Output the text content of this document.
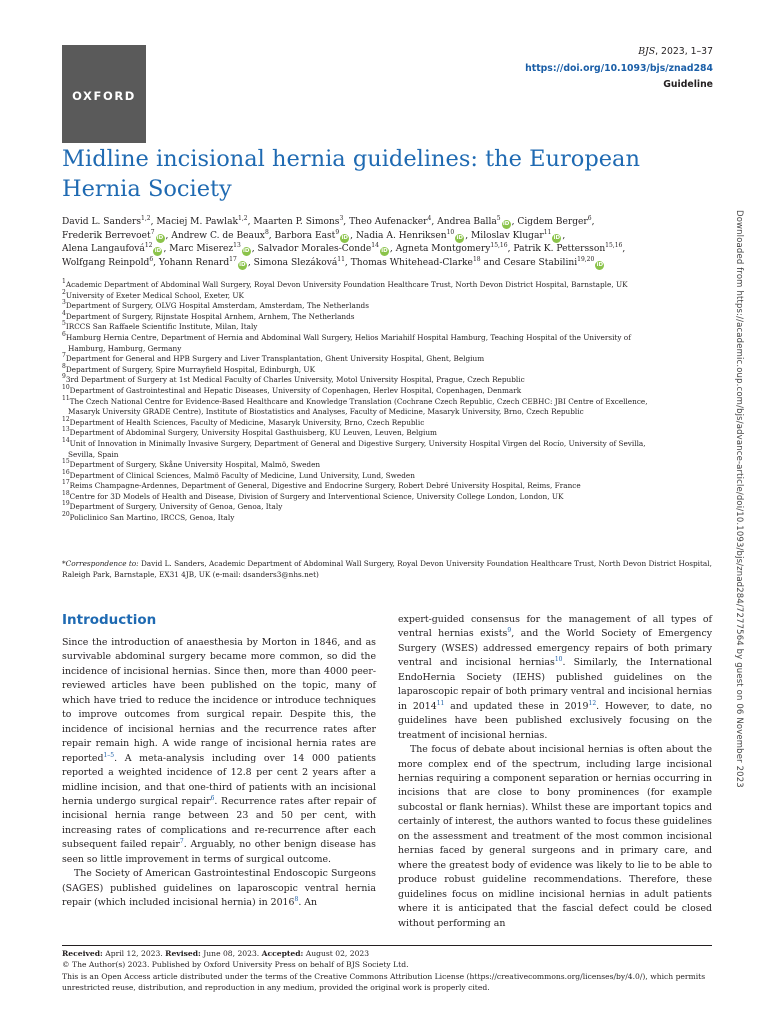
OXFORD
BJS, 2023, 1–37
https://doi.org/10.1093/bjs/znad284
Guideline
Midline incisional hernia guidelines: the European Hernia Society
David L. Sanders$^{1,2}$, Maciej M. Pawlak$^{1,2}$, Maarten P. Simons$^3$, Theo Aufenacker$^4$, Andrea Balla$^5$iD , Cigdem Berger$^6$,
Frederik Berrevoet$^7$iD , Andrew C. de Beaux$^8$, Barbora East$^9$iD , Nadia A. Henriksen$^{10}$iD , Miloslav Klugar$^{11}$iD ,
Alena Langaufová$^{12}$iD , Marc Miserez$^{13}$iD , Salvador Morales-Conde$^{14}$iD , Agneta Montgomery$^{15,16}$, Patrik K. Pettersson$^{15,16}$,
Wolfgang Reinpold$^6$, Yohann Renard$^{17}$iD , Simona Slezáková$^{11}$, Thomas Whitehead-Clarke$^{18}$ and Cesare Stabilini$^{19,20}$iD
$^1$Academic Department of Abdominal Wall Surgery, Royal Devon University Foundation Healthcare Trust, North Devon District Hospital, Barnstaple, UK
$^2$University of Exeter Medical School, Exeter, UK
$^3$Department of Surgery, OLVG Hospital Amsterdam, Amsterdam, The Netherlands
$^4$Department of Surgery, Rijnstate Hospital Arnhem, Arnhem, The Netherlands
$^5$IRCCS San Raffaele Scientific Institute, Milan, Italy
$^6$Hamburg Hernia Centre, Department of Hernia and Abdominal Wall Surgery, Helios Mariahilf Hospital Hamburg, Teaching Hospital of the University of
Hamburg, Hamburg, Germany
$^7$Department for General and HPB Surgery and Liver Transplantation, Ghent University Hospital, Ghent, Belgium
$^8$Department of Surgery, Spire Murrayfield Hospital, Edinburgh, UK
$^9$3rd Department of Surgery at 1st Medical Faculty of Charles University, Motol University Hospital, Prague, Czech Republic
$^{10}$Department of Gastrointestinal and Hepatic Diseases, University of Copenhagen, Herlev Hospital, Copenhagen, Denmark
$^{11}$The Czech National Centre for Evidence-Based Healthcare and Knowledge Translation (Cochrane Czech Republic, Czech CEBHC: JBI Centre of Excellence,
Masaryk University GRADE Centre), Institute of Biostatistics and Analyses, Faculty of Medicine, Masaryk University, Brno, Czech Republic
$^{12}$Department of Health Sciences, Faculty of Medicine, Masaryk University, Brno, Czech Republic
$^{13}$Department of Abdominal Surgery, University Hospital Gasthuisberg, KU Leuven, Leuven, Belgium
$^{14}$Unit of Innovation in Minimally Invasive Surgery, Department of General and Digestive Surgery, University Hospital Virgen del Rocío, University of Sevilla,
Sevilla, Spain
$^{15}$Department of Surgery, Skåne University Hospital, Malmö, Sweden
$^{16}$Department of Clinical Sciences, Malmö Faculty of Medicine, Lund University, Lund, Sweden
$^{17}$Reims Champagne-Ardennes, Department of General, Digestive and Endocrine Surgery, Robert Debré University Hospital, Reims, France
$^{18}$Centre for 3D Models of Health and Disease, Division of Surgery and Interventional Science, University College London, London, UK
$^{19}$Department of Surgery, University of Genoa, Genoa, Italy
$^{20}$Policlinico San Martino, IRCCS, Genoa, Italy
*Correspondence to: David L. Sanders, Academic Department of Abdominal Wall Surgery, Royal Devon University Foundation Healthcare Trust, North Devon District Hospital, Raleigh Park, Barnstaple, EX31 4JB, UK (e-mail: dsanders3@nhs.net)
Introduction

Since the introduction of anaesthesia by Morton in 1846, and as survivable abdominal surgery became more common, so did the incidence of incisional hernias. Since then, more than 4000 peer-reviewed articles have been published on the topic, many of which have tried to reduce the incidence or introduce techniques to improve outcomes from surgical repair. Despite this, the incidence of incisional hernias and the recurrence rates after repair remain high. A wide range of incisional hernia rates are reported$^{1-5}$. A meta-analysis including over 14 000 patients reported a weighted incidence of 12.8 per cent 2 years after a midline incision, and that one-third of patients with an incisional hernia undergo surgical repair$^6$. Recurrence rates after repair of incisional hernia range between 23 and 50 per cent, with increasing rates of complications and re-recurrence after each subsequent failed repair$^7$. Arguably, no other benign disease has seen so little improvement in terms of surgical outcome.

The Society of American Gastrointestinal Endoscopic Surgeons (SAGES) published guidelines on laparoscopic ventral hernia repair (which included incisional hernia) in 2016$^8$. An

expert-guided consensus for the management of all types of ventral hernias exists$^9$, and the World Society of Emergency Surgery (WSES) addressed emergency repairs of both primary ventral and incisional hernias$^{10}$. Similarly, the International EndoHernia Society (IEHS) published guidelines on the laparoscopic repair of both primary ventral and incisional hernias in 2014$^{11}$ and updated these in 2019$^{12}$. However, to date, no guidelines have been published exclusively focusing on the treatment of incisional hernias.

The focus of debate about incisional hernias is often about the more complex end of the spectrum, including large incisional hernias requiring a component separation or hernias occurring in incisions that are close to bony prominences (for example subcostal or flank hernias). Whilst these are important topics and certainly of interest, the authors wanted to focus these guidelines on the assessment and treatment of the most common incisional hernias faced by general surgeons and in primary care, and where the greatest body of evidence was likely to lie to be able to produce robust guideline recommendations. Therefore, these guidelines focus on midline incisional hernias in adult patients where it is anticipated that the fascial defect could be closed without performing an

Received: April 12, 2023. Revised: June 08, 2023. Accepted: August 02, 2023
© The Author(s) 2023. Published by Oxford University Press on behalf of BJS Society Ltd.
This is an Open Access article distributed under the terms of the Creative Commons Attribution License (https://creativecommons.org/licenses/by/4.0/), which permits unrestricted reuse, distribution, and reproduction in any medium, provided the original work is properly cited.
Downloaded from https://academic.oup.com/bjs/advance-article/doi/10.1093/bjs/znad284/7277564 by guest on 06 November 2023
